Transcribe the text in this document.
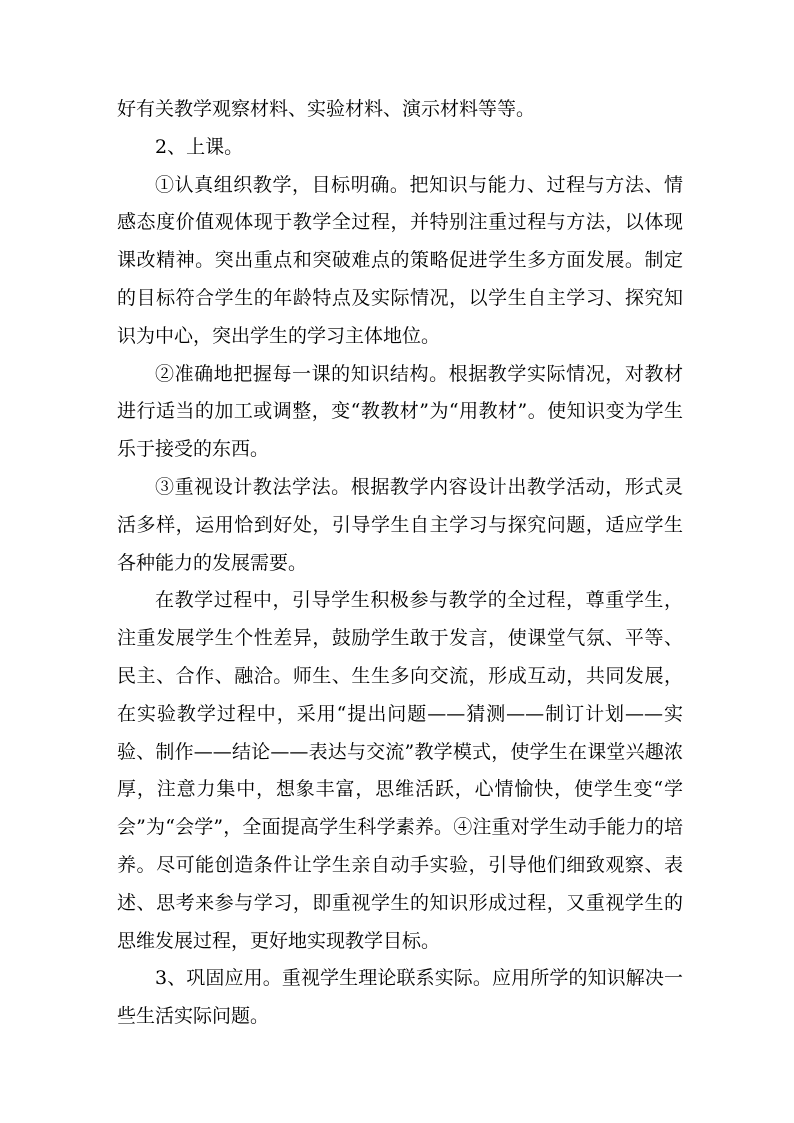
好有关教学观察材料、实验材料、演示材料等等。

2、上课。

①认真组织教学，目标明确。把知识与能力、过程与方法、情感态度价值观体现于教学全过程，并特别注重过程与方法，以体现课改精神。突出重点和突破难点的策略促进学生多方面发展。制定的目标符合学生的年龄特点及实际情况，以学生自主学习、探究知识为中心，突出学生的学习主体地位。

②准确地把握每一课的知识结构。根据教学实际情况，对教材进行适当的加工或调整，变“教教材”为“用教材”。使知识变为学生乐于接受的东西。

③重视设计教法学法。根据教学内容设计出教学活动，形式灵活多样，运用恰到好处，引导学生自主学习与探究问题，适应学生各种能力的发展需要。

在教学过程中，引导学生积极参与教学的全过程，尊重学生，注重发展学生个性差异，鼓励学生敢于发言，使课堂气氛、平等、民主、合作、融洽。师生、生生多向交流，形成互动，共同发展，在实验教学过程中，采用“提出问题——猜测——制订计划——实验、制作——结论——表达与交流”教学模式，使学生在课堂兴趣浓厚，注意力集中，想象丰富，思维活跃，心情愉快，使学生变“学会”为“会学”，全面提高学生科学素养。④注重对学生动手能力的培养。尽可能创造条件让学生亲自动手实验，引导他们细致观察、表述、思考来参与学习，即重视学生的知识形成过程，又重视学生的思维发展过程，更好地实现教学目标。

3、巩固应用。重视学生理论联系实际。应用所学的知识解决一些生活实际问题。
